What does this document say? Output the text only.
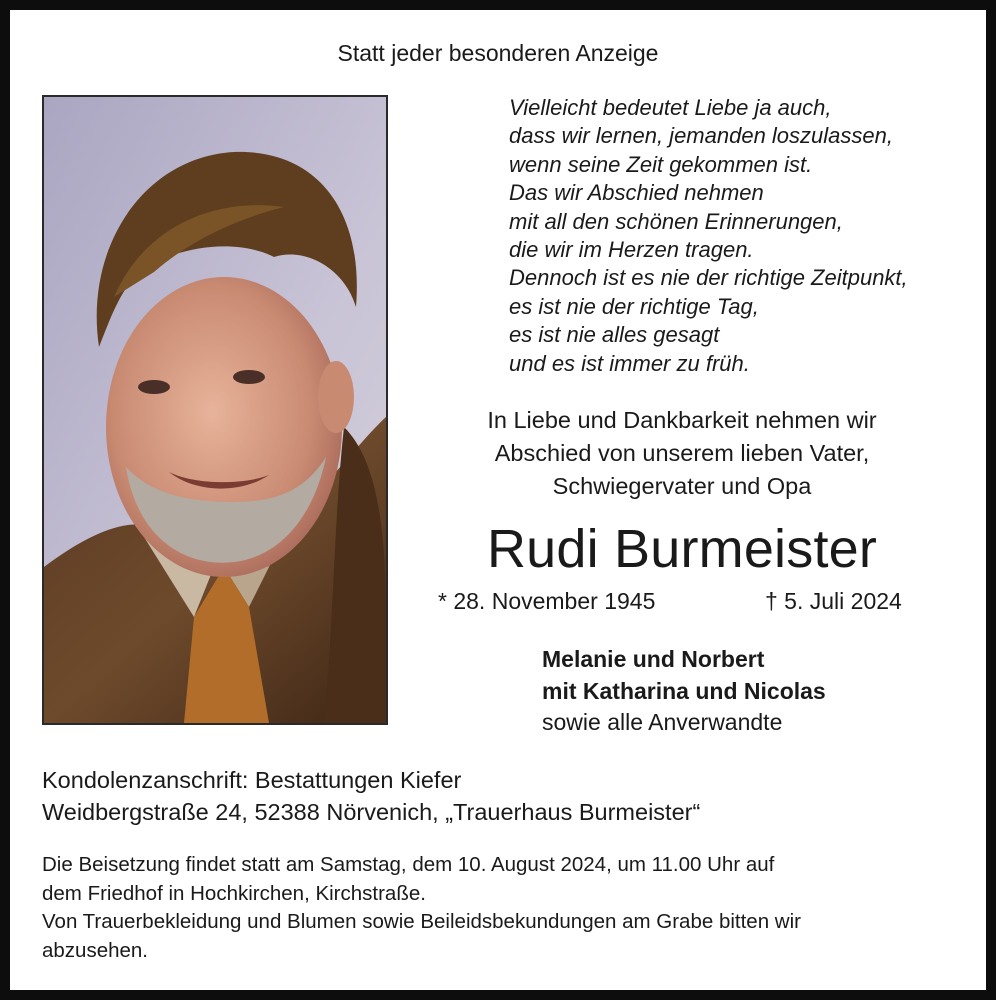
Statt jeder besonderen Anzeige
Vielleicht bedeutet Liebe ja auch,
dass wir lernen, jemanden loszulassen,
wenn seine Zeit gekommen ist.
Das wir Abschied nehmen
mit all den schönen Erinnerungen,
die wir im Herzen tragen.
Dennoch ist es nie der richtige Zeitpunkt,
es ist nie der richtige Tag,
es ist nie alles gesagt
und es ist immer zu früh.
In Liebe und Dankbarkeit nehmen wir
Abschied von unserem lieben Vater,
Schwiegervater und Opa
Rudi Burmeister
* 28. November 1945	† 5. Juli 2024
Melanie und Norbert
mit Katharina und Nicolas
sowie alle Anverwandte
Kondolenzanschrift: Bestattungen Kiefer
Weidbergstraße 24, 52388 Nörvenich, „Trauerhaus Burmeister“
Die Beisetzung findet statt am Samstag, dem 10. August 2024, um 11.00 Uhr auf
dem Friedhof in Hochkirchen, Kirchstraße.
Von Trauerbekleidung und Blumen sowie Beileidsbekundungen am Grabe bitten wir
abzusehen.
